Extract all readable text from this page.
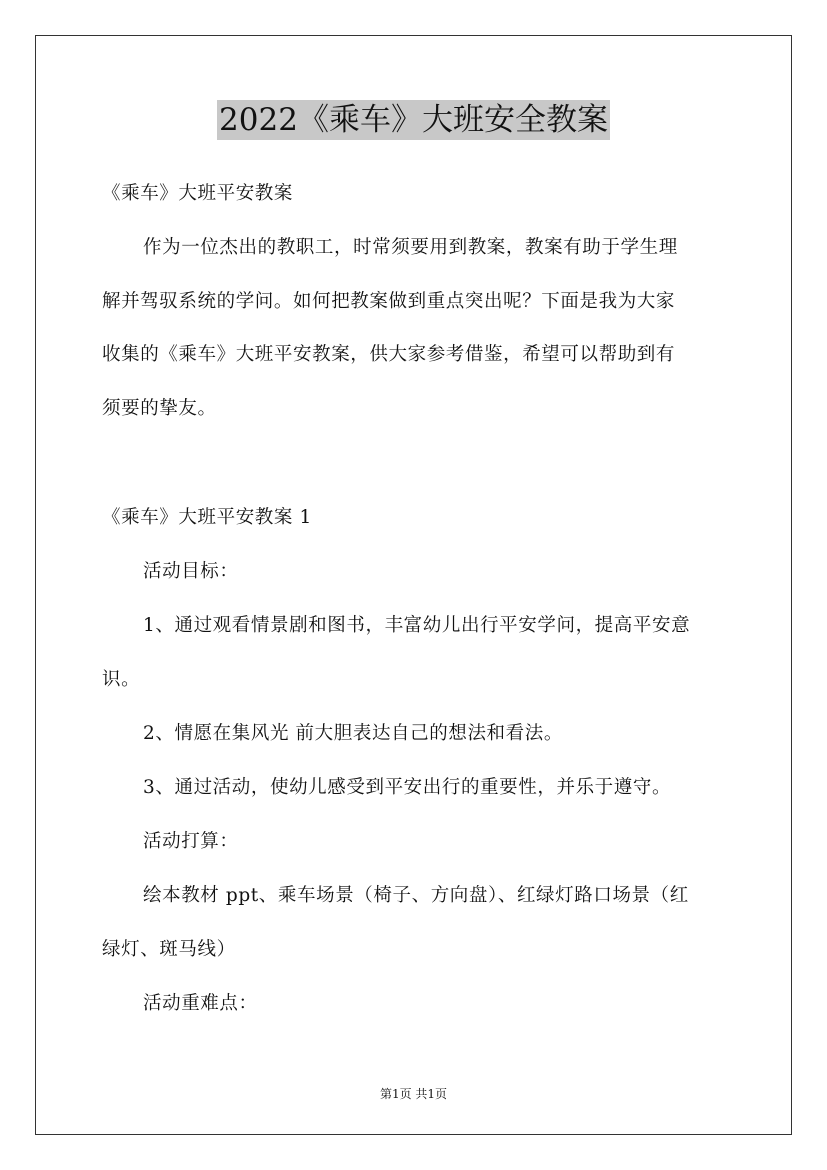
2022《乘车》大班安全教案
《乘车》大班平安教案
作为一位杰出的教职工，时常须要用到教案，教案有助于学生理
解并驾驭系统的学问。如何把教案做到重点突出呢？下面是我为大家
收集的《乘车》大班平安教案，供大家参考借鉴，希望可以帮助到有
须要的挚友。
《乘车》大班平安教案 1
活动目标：
1、通过观看情景剧和图书，丰富幼儿出行平安学问，提高平安意
识。
2、情愿在集风光 前大胆表达自己的想法和看法。
3、通过活动，使幼儿感受到平安出行的重要性，并乐于遵守。
活动打算：
绘本教材 ppt、乘车场景（椅子、方向盘）、红绿灯路口场景（红
绿灯、斑马线）
活动重难点：
第1页 共1页
